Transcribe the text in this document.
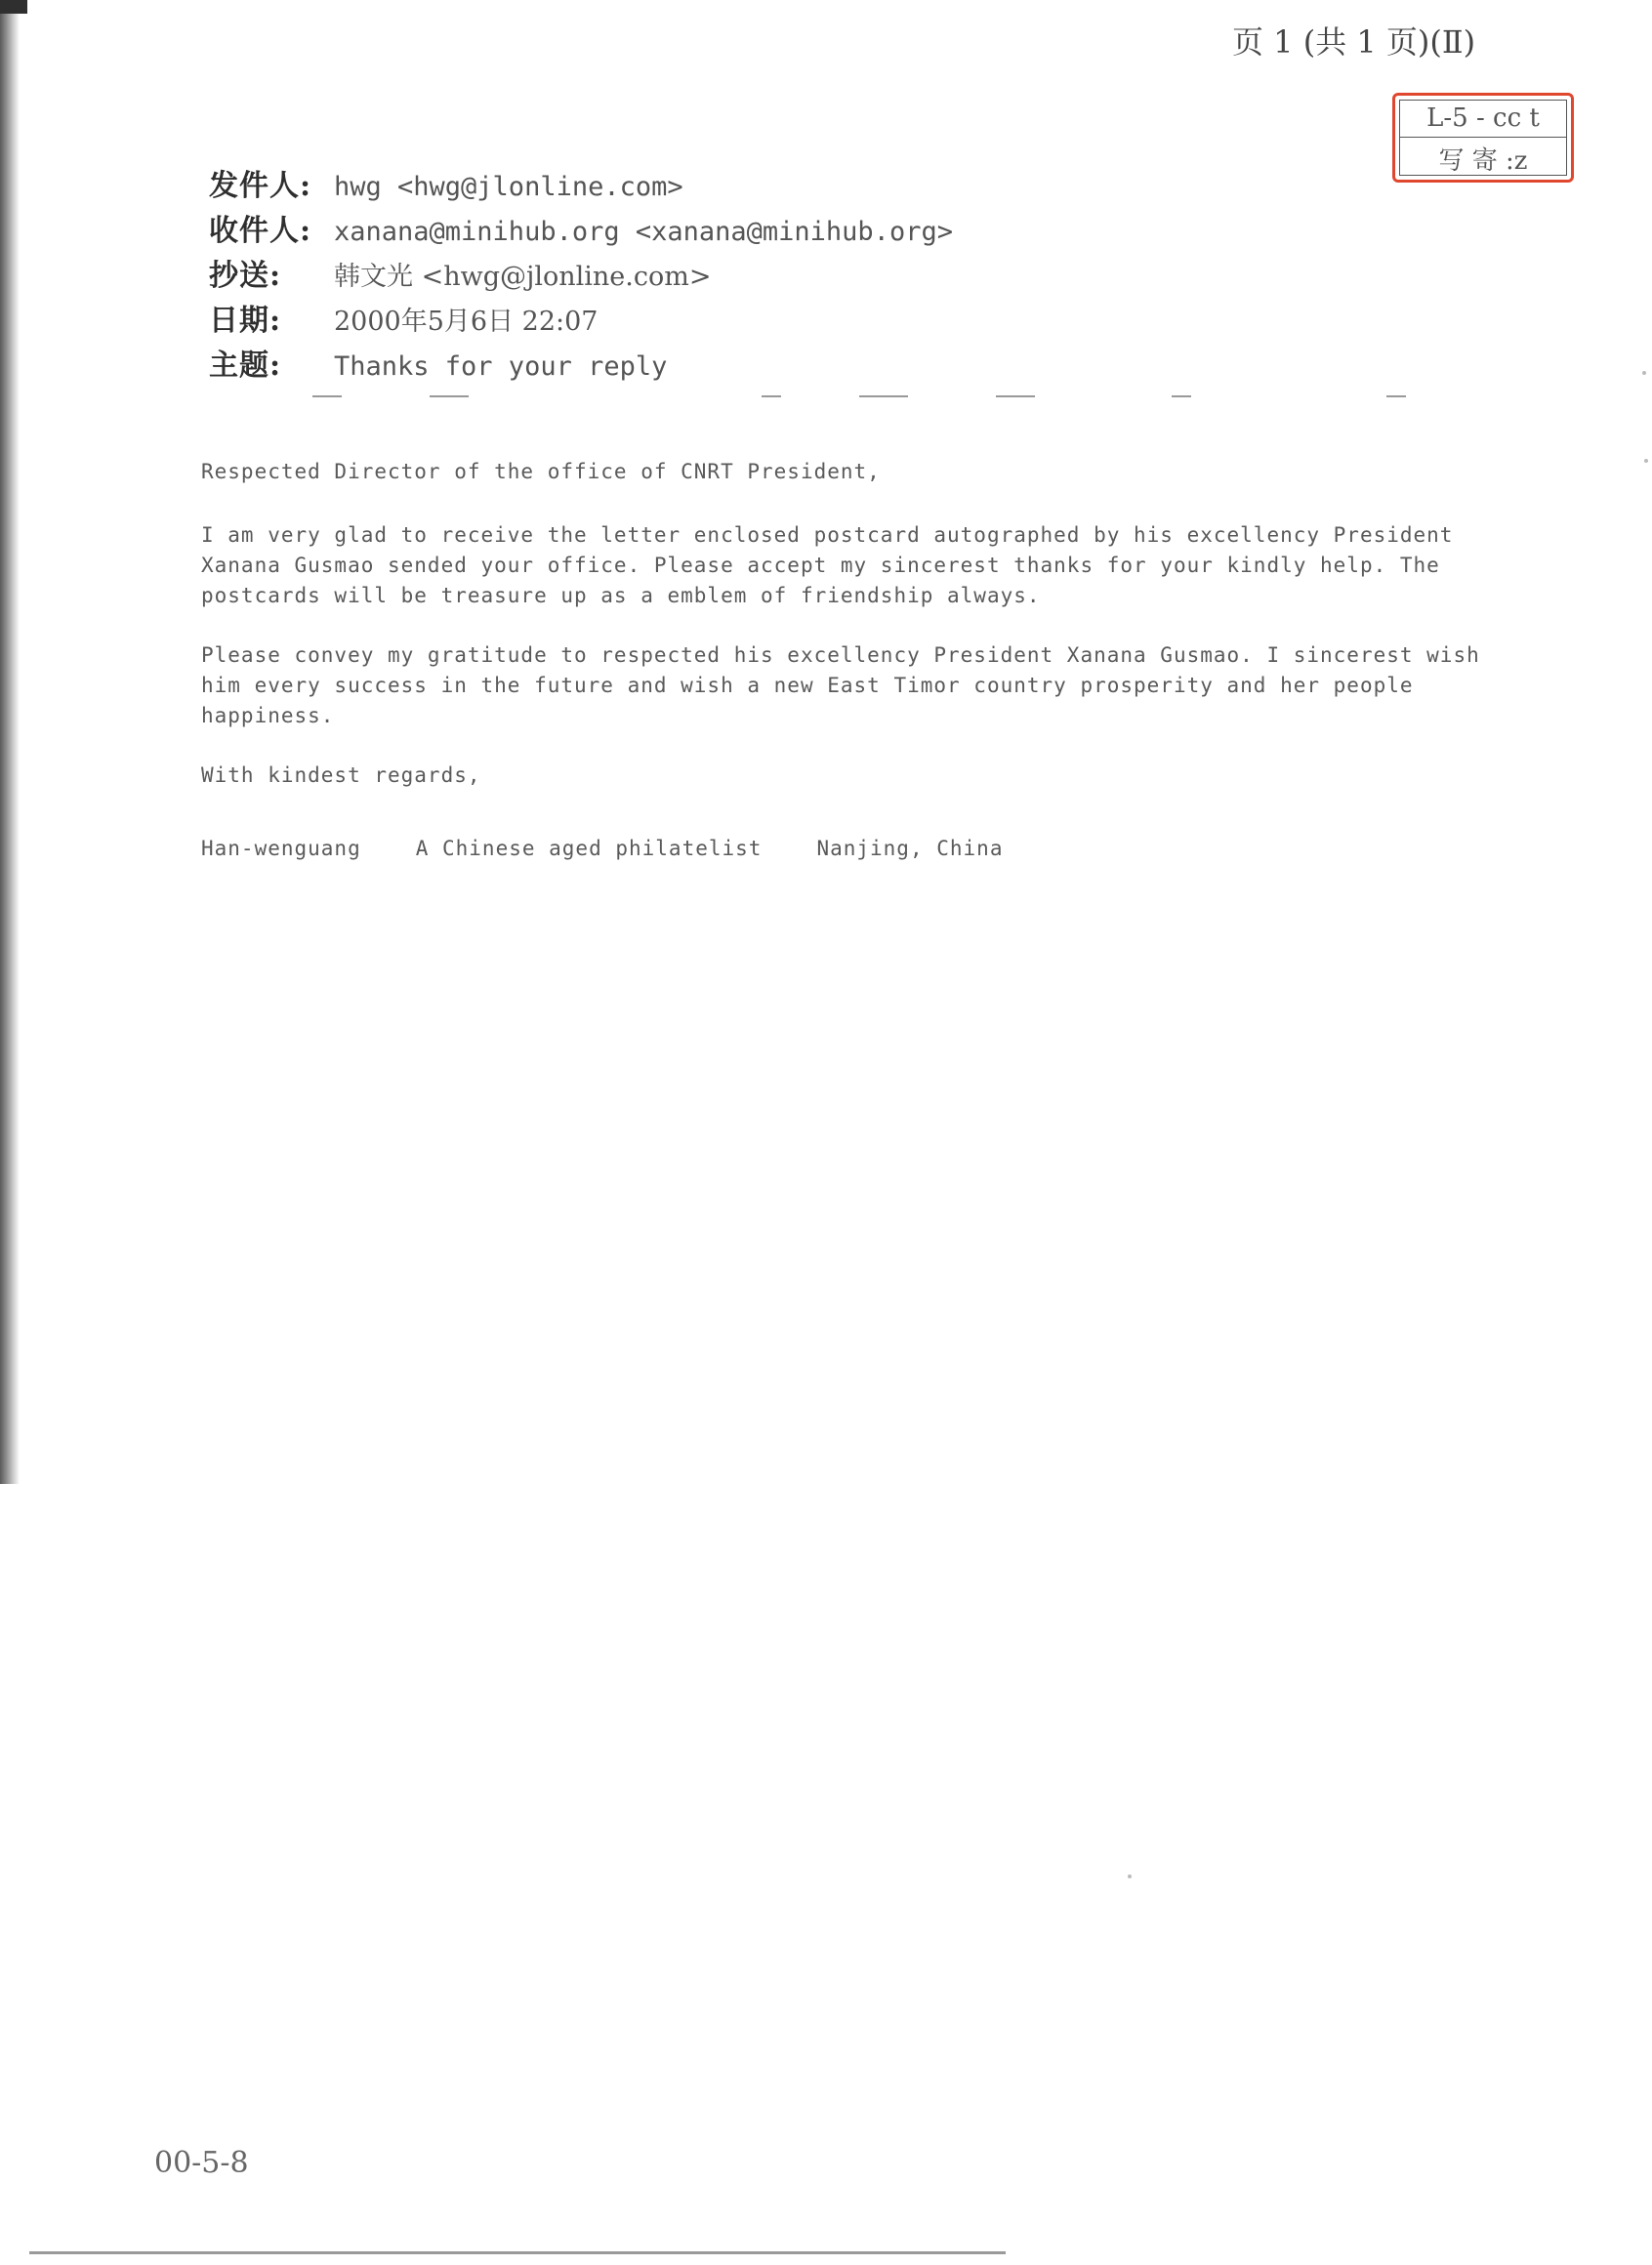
页 1 (共 1 页)(Ⅱ)
L-5 - cc t
写 寄 :z
发件人: hwg <hwg@jlonline.com>
收件人: xanana@minihub.org <xanana@minihub.org>
抄送:	韩文光 <hwg@jlonline.com>
日期:	2000年5月6日 22:07
主题:	Thanks for your reply

Respected Director of the office of CNRT President,

I am very glad to receive the letter enclosed postcard autographed by his excellency President Xanana Gusmao sended your office. Please accept my sincerest thanks for your kindly help. The postcards will be treasure up as a emblem of friendship always.

Please convey my gratitude to respected his excellency President Xanana Gusmao. I sincerest wish him every success in the future and wish a new East Timor country prosperity and her people happiness.

With kindest regards,

Han-wenguang	A Chinese aged philatelist	Nanjing, China
00-5-8
